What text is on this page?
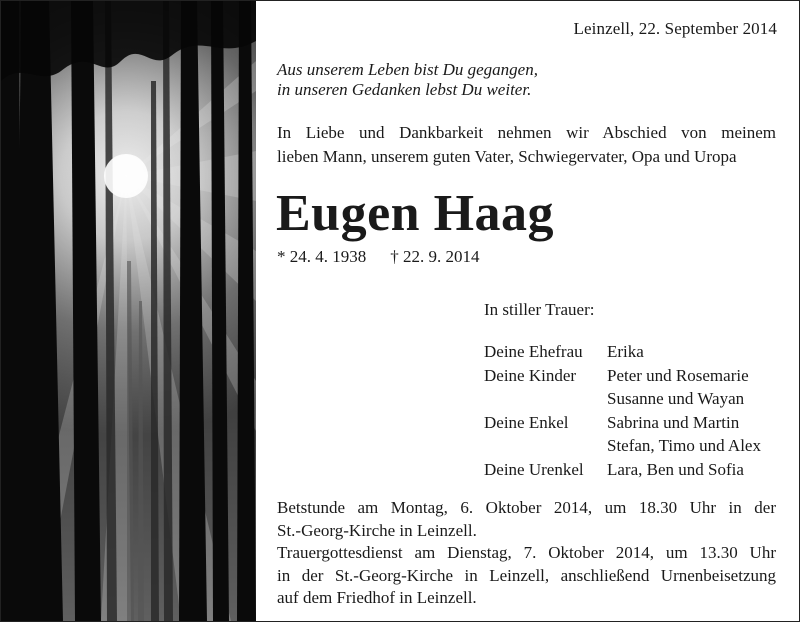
Leinzell, 22. September 2014
Aus unserem Leben bist Du gegangen,
in unseren Gedanken lebst Du weiter.
In Liebe und Dankbarkeit nehmen wir Abschied von meinem
lieben Mann, unserem guten Vater, Schwiegervater, Opa und Uropa
Eugen Haag
* 24. 4. 1938 † 22. 9. 2014
In stiller Trauer:
Deine Ehefrau	Erika
Deine Kinder	Peter und Rosemarie
Susanne und Wayan
Deine Enkel	Sabrina und Martin
Stefan, Timo und Alex
Deine Urenkel	Lara, Ben und Sofia
Betstunde am Montag, 6. Oktober 2014, um 18.30 Uhr in der
St.-Georg-Kirche in Leinzell.
Trauergottesdienst am Dienstag, 7. Oktober 2014, um 13.30 Uhr
in der St.-Georg-Kirche in Leinzell, anschließend Urnenbeisetzung
auf dem Friedhof in Leinzell.
